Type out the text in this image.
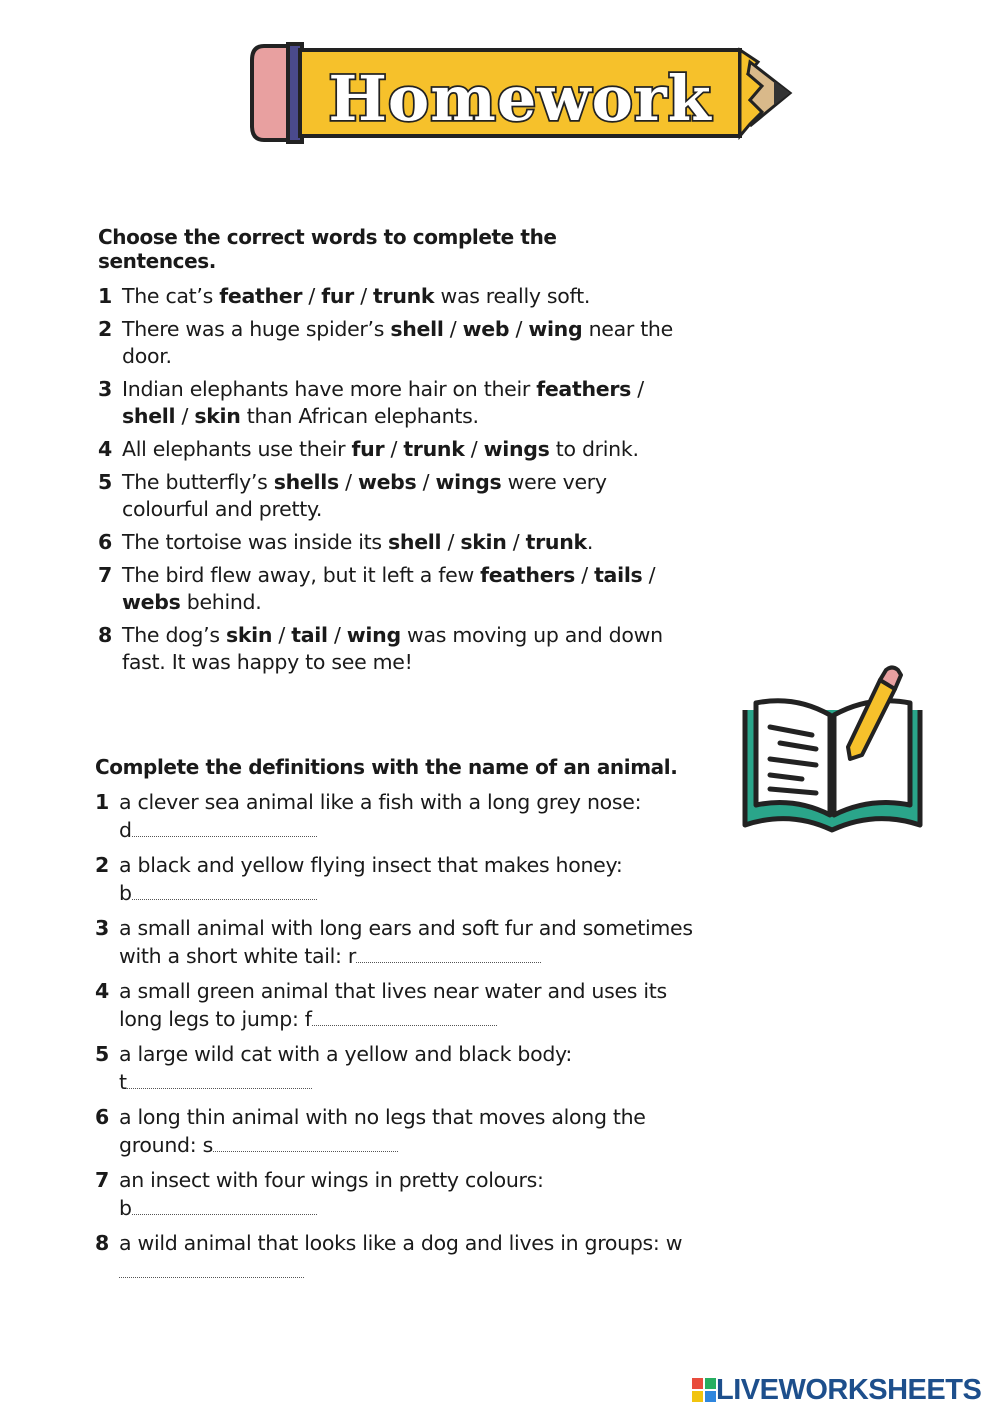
Homework

Choose the correct words to complete the sentences.

1 The cat’s feather / fur / trunk was really soft.
2 There was a huge spider’s shell / web / wing near the door.
3 Indian elephants have more hair on their feathers / shell / skin than African elephants.
4 All elephants use their fur / trunk / wings to drink.
5 The butterfly’s shells / webs / wings were very colourful and pretty.
6 The tortoise was inside its shell / skin / trunk.
7 The bird flew away, but it left a few feathers / tails / webs behind.
8 The dog’s skin / tail / wing was moving up and down fast. It was happy to see me!

Complete the definitions with the name of an animal.

1 a clever sea animal like a fish with a long grey nose:
d
2 a black and yellow flying insect that makes honey:
b
3 a small animal with long ears and soft fur and sometimes with a short white tail: r
4 a small green animal that lives near water and uses its long legs to jump: f
5 a large wild cat with a yellow and black body:
t
6 a long thin animal with no legs that moves along the ground: s
7 an insect with four wings in pretty colours:
b
8 a wild animal that looks like a dog and lives in groups: w
LIVEWORKSHEETS
